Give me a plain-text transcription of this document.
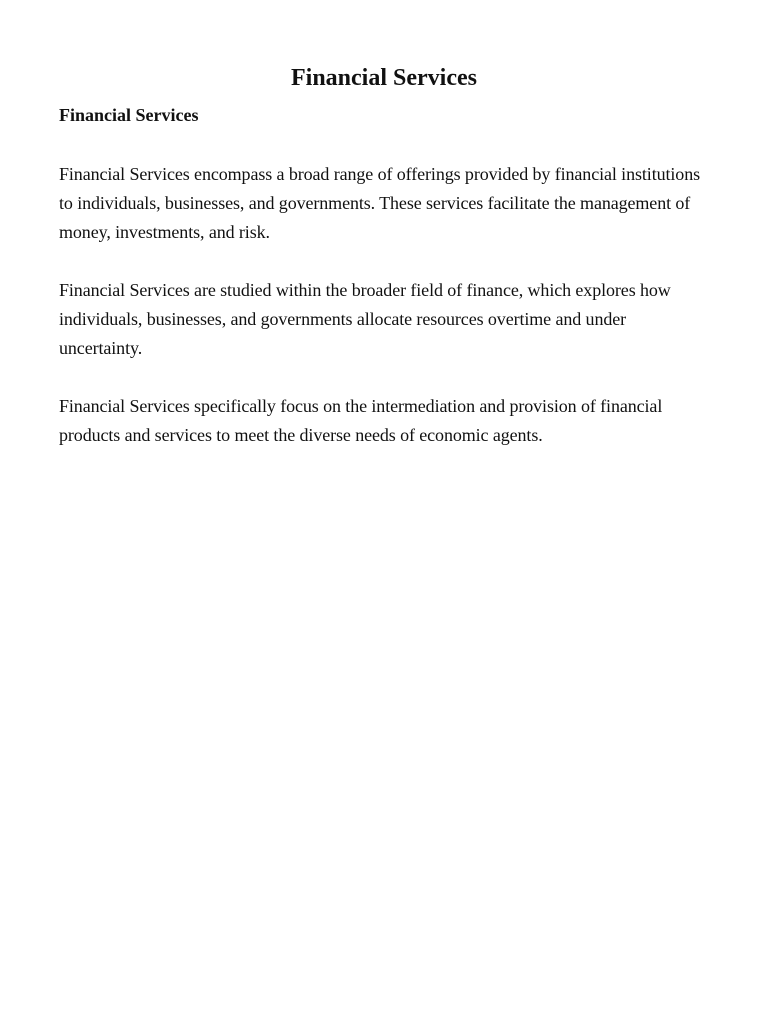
Financial Services
Financial Services

Financial Services encompass a broad range of offerings provided by financial institutions to individuals, businesses, and governments. These services facilitate the management of money, investments, and risk.

Financial Services are studied within the broader field of finance, which explores how individuals, businesses, and governments allocate resources overtime and under uncertainty.

Financial Services specifically focus on the intermediation and provision of financial products and services to meet the diverse needs of economic agents.
